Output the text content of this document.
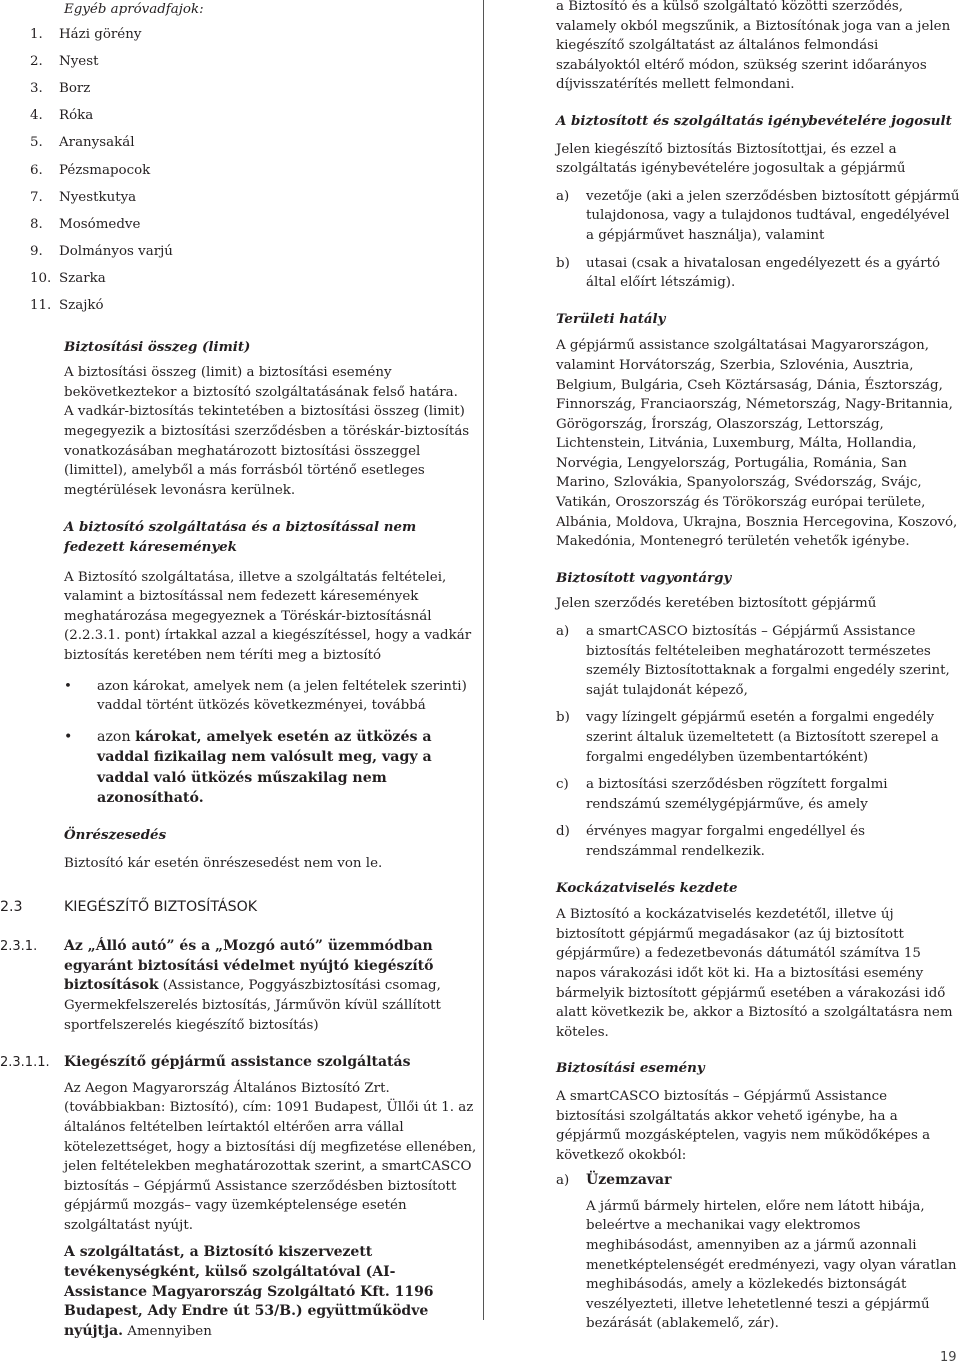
Egyéb apróvadfajok:

1.	Házi görény
2.	Nyest
3.	Borz
4.	Róka
5.	Aranysakál
6.	Pézsmapocok
7.	Nyestkutya
8.	Mosómedve
9.	Dolmányos varjú
10. Szarka
11. Szajkó

Biztosítási összeg (limit)

A biztosítási összeg (limit) a biztosítási esemény bekövetkeztekor a biztosító szolgáltatásának felső határa.

A vadkár-biztosítás tekintetében a biztosítási összeg (limit) megegyezik a biztosítási szerződésben a töréskár-biztosítás vonatkozásában meghatározott biztosítási összeggel (limittel), amelyből a más forrásból történő esetleges megtérülések levonásra kerülnek.

A biztosító szolgáltatása és a biztosítással nem fedezett káresemények

A Biztosító szolgáltatása, illetve a szolgáltatás feltételei, valamint a biztosítással nem fedezett káresemények meghatározása megegyeznek a Töréskár-biztosításnál (2.2.3.1. pont) írtakkal azzal a kiegészítéssel, hogy a vadkár biztosítás keretében nem téríti meg a biztosító

•	azon károkat, amelyek nem (a jelen feltételek szerinti) vaddal történt ütközés következményei, továbbá
•	azon károkat, amelyek esetén az ütközés a vaddal fizikailag nem valósult meg, vagy a vaddal való ütközés műszakilag nem azonosítható.

Önrészesedés

Biztosító kár esetén önrészesedést nem von le.

2.3	KIEGÉSZÍTŐ BIZTOSÍTÁSOK
2.3.1.	Az „Álló autó” és a „Mozgó autó” üzemmódban egyaránt biztosítási védelmet nyújtó kiegészítő biztosítások (Assistance, Poggyászbiztosítási csomag, Gyermekfelszerelés biztosítás, Járművön kívül szállított sportfelszerelés kiegészítő biztosítás)
2.3.1.1.	Kiegészítő gépjármű assistance szolgáltatás

Az Aegon Magyarország Általános Biztosító Zrt. (továbbiakban: Biztosító), cím: 1091 Budapest, Üllői út 1. az általános feltételben leírtaktól eltérően arra vállal kötelezettséget, hogy a biztosítási díj megfizetése ellenében, jelen feltételekben meghatározottak szerint, a smartCASCO biztosítás – Gépjármű Assistance szerződésben biztosított gépjármű mozgás– vagy üzemképtelensége esetén szolgáltatást nyújt.

A szolgáltatást, a Biztosító kiszervezett tevékenységként, külső szolgáltatóval (AI-Assistance Magyarország Szolgáltató Kft. 1196 Budapest, Ady Endre út 53/B.) együttműködve nyújtja. Amennyiben

a Biztosító és a külső szolgáltató közötti szerződés, valamely okból megszűnik, a Biztosítónak joga van a jelen kiegészítő szolgáltatást az általános felmondási szabályoktól eltérő módon, szükség szerint időarányos díjvisszatérítés mellett felmondani.

A biztosított és szolgáltatás igénybevételére jogosult

Jelen kiegészítő biztosítás Biztosítottjai, és ezzel a szolgáltatás igénybevételére jogosultak a gépjármű

a)	vezetője (aki a jelen szerződésben biztosított gépjármű tulajdonosa, vagy a tulajdonos tudtával, engedélyével a gépjárművet használja), valamint
b)	utasai (csak a hivatalosan engedélyezett és a gyártó által előírt létszámig).

Területi hatály

A gépjármű assistance szolgáltatásai Magyarországon, valamint Horvátország, Szerbia, Szlovénia, Ausztria, Belgium, Bulgária, Cseh Köztársaság, Dánia, Észtország, Finnország, Franciaország, Németország, Nagy-Britannia, Görögország, Írország, Olaszország, Lettország, Lichtenstein, Litvánia, Luxemburg, Málta, Hollandia, Norvégia, Lengyelország, Portugália, Románia, San Marino, Szlovákia, Spanyolország, Svédország, Svájc, Vatikán, Oroszország és Törökország európai területe, Albánia, Moldova, Ukrajna, Bosznia Hercegovina, Koszovó, Makedónia, Montenegró területén vehetők igénybe.

Biztosított vagyontárgy

Jelen szerződés keretében biztosított gépjármű

a)	a smartCASCO biztosítás – Gépjármű Assistance biztosítás feltételeiben meghatározott természetes személy Biztosítottaknak a forgalmi engedély szerint, saját tulajdonát képező,
b)	vagy lízingelt gépjármű esetén a forgalmi engedély szerint általuk üzemeltetett (a Biztosított szerepel a forgalmi engedélyben üzembentartóként)
c)	a biztosítási szerződésben rögzített forgalmi rendszámú személygépjárműve, és amely
d)	érvényes magyar forgalmi engedéllyel és rendszámmal rendelkezik.

Kockázatviselés kezdete

A Biztosító a kockázatviselés kezdetétől, illetve új biztosított gépjármű megadásakor (az új biztosított gépjárműre) a fedezetbevonás dátumától számítva 15 napos várakozási időt köt ki. Ha a biztosítási esemény bármelyik biztosított gépjármű esetében a várakozási idő alatt következik be, akkor a Biztosító a szolgáltatásra nem köteles.

Biztosítási esemény

A smartCASCO biztosítás – Gépjármű Assistance biztosítási szolgáltatás akkor vehető igénybe, ha a gépjármű mozgásképtelen, vagyis nem működőképes a következő okokból:

a)	Üzemzavar

A jármű bármely hirtelen, előre nem látott hibája, beleértve a mechanikai vagy elektromos meghibásodást, amennyiben az a jármű azonnali menetképtelenségét eredményezi, vagy olyan váratlan meghibásodás, amely a közlekedés biztonságát veszélyezteti, illetve lehetetlenné teszi a gépjármű bezárását (ablakemelő, zár).

19
